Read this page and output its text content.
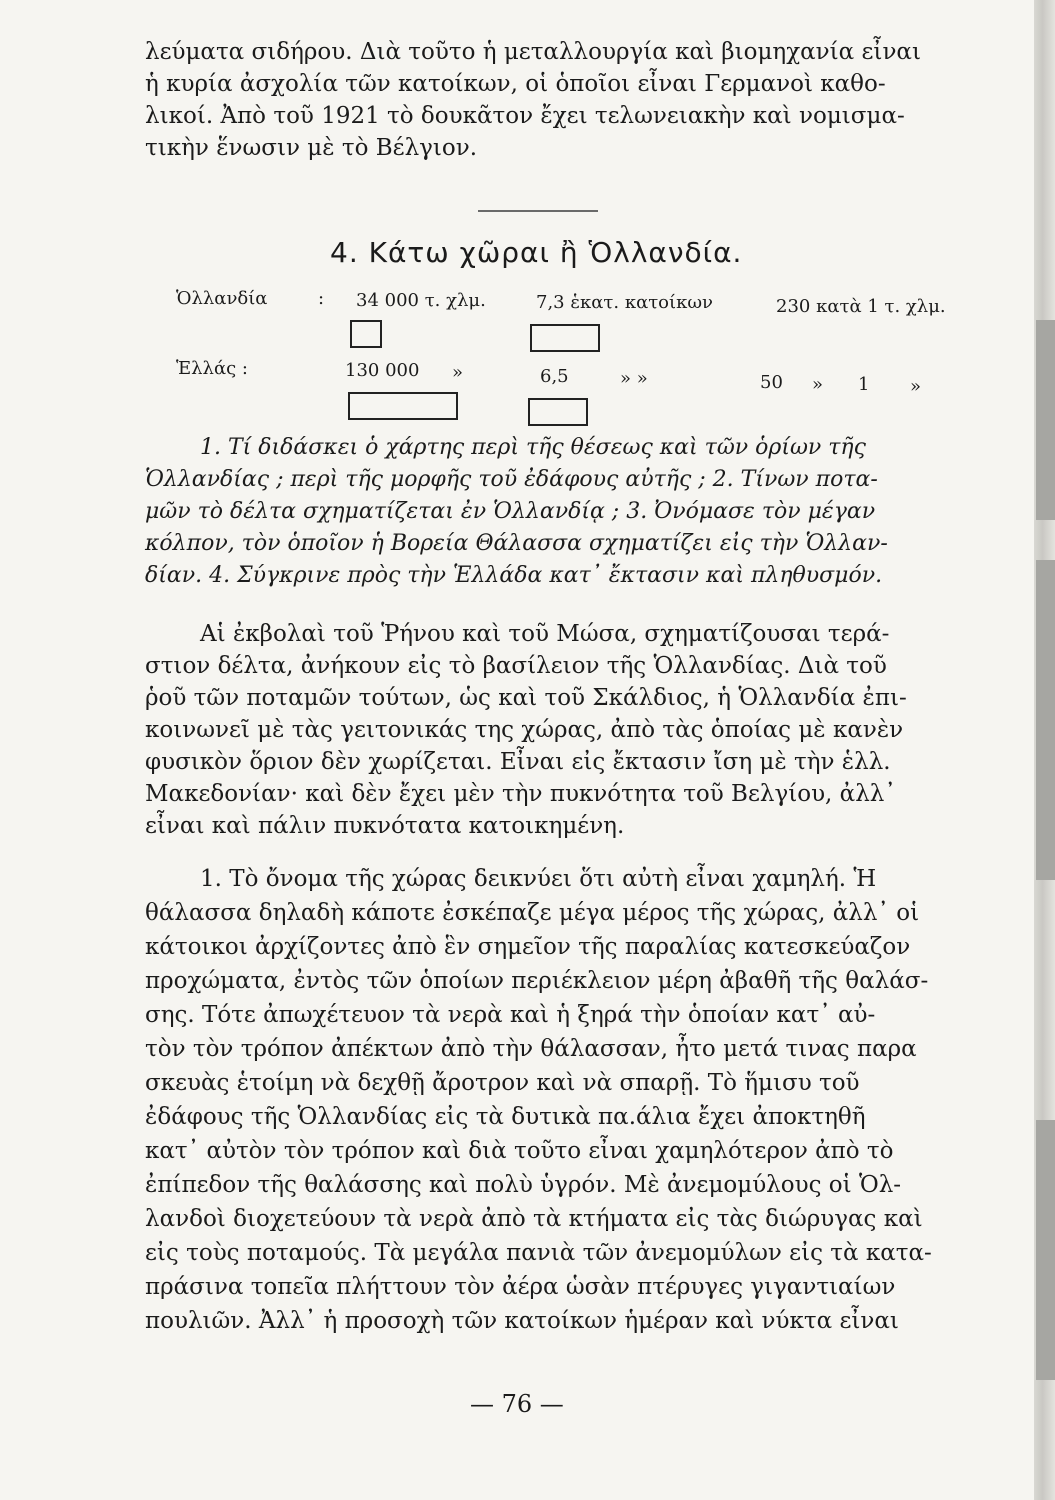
λεύματα σιδήρου. Διὰ τοῦτο ἡ μεταλλουργία καὶ βιομηχανία εἶναι
ἡ κυρία ἀσχολία τῶν κατοίκων, οἱ ὁποῖοι εἶναι Γερμανοὶ καθο-
λικοί. Ἀπὸ τοῦ 1921 τὸ δουκᾶτον ἔχει τελωνειακὴν καὶ νομισμα-
τικὴν ἕνωσιν μὲ τὸ Βέλγιον.
4. Κάτω χῶραι ἢ Ὁλλανδία.
Ὁλλανδία	: 34 000 τ. χλμ.	7,3 ἑκατ. κατοίκων	230 κατὰ 1 τ. χλμ.
Ἑλλάς :	130 000 »	6,5	» »	50 » 1 »
1. Τί διδάσκει ὁ χάρτης περὶ τῆς θέσεως καὶ τῶν ὁρίων τῆς
Ὁλλανδίας ; περὶ τῆς μορφῆς τοῦ ἐδάφους αὐτῆς ; 2. Τίνων ποτα-
μῶν τὸ δέλτα σχηματίζεται ἐν Ὁλλανδίᾳ ; 3. Ὀνόμασε τὸν μέγαν
κόλπον, τὸν ὁποῖον ἡ Βορεία Θάλασσα σχηματίζει εἰς τὴν Ὁλλαν-
δίαν. 4. Σύγκρινε πρὸς τὴν Ἑλλάδα κατ᾽ ἔκτασιν καὶ πληθυσμόν.
Αἱ ἐκβολαὶ τοῦ Ῥήνου καὶ τοῦ Μώσα, σχηματίζουσαι τερά-
στιον δέλτα, ἀνήκουν εἰς τὸ βασίλειον τῆς Ὁλλανδίας. Διὰ τοῦ
ῥοῦ τῶν ποταμῶν τούτων, ὡς καὶ τοῦ Σκάλδιος, ἡ Ὁλλανδία ἐπι-
κοινωνεῖ μὲ τὰς γειτονικάς της χώρας, ἀπὸ τὰς ὁποίας μὲ κανὲν
φυσικὸν ὅριον δὲν χωρίζεται. Εἶναι εἰς ἔκτασιν ἴση μὲ τὴν ἑλλ.
Μακεδονίαν· καὶ δὲν ἔχει μὲν τὴν πυκνότητα τοῦ Βελγίου, ἀλλ᾽
εἶναι καὶ πάλιν πυκνότατα κατοικημένη.
1. Τὸ ὄνομα τῆς χώρας δεικνύει ὅτι αὐτὴ εἶναι χαμηλή. Ἡ
θάλασσα δηλαδὴ κάποτε ἐσκέπαζε μέγα μέρος τῆς χώρας, ἀλλ᾽ οἱ
κάτοικοι ἀρχίζοντες ἀπὸ ἓν σημεῖον τῆς παραλίας κατεσκεύαζον
προχώματα, ἐντὸς τῶν ὁποίων περιέκλειον μέρη ἀβαθῆ τῆς θαλάσ-
σης. Τότε ἀπωχέτευον τὰ νερὰ καὶ ἡ ξηρά τὴν ὁποίαν κατ᾽ αὐ-
τὸν τὸν τρόπον ἀπέκτων ἀπὸ τὴν θάλασσαν, ἦτο μετά τινας παρα
σκευὰς ἑτοίμη νὰ δεχθῇ ἄροτρον καὶ νὰ σπαρῇ. Τὸ ἥμισυ τοῦ
ἐδάφους τῆς Ὁλλανδίας εἰς τὰ δυτικὰ πα.άλια ἔχει ἀποκτηθῆ
κατ᾽ αὐτὸν τὸν τρόπον καὶ διὰ τοῦτο εἶναι χαμηλότερον ἀπὸ τὸ
ἐπίπεδον τῆς θαλάσσης καὶ πολὺ ὑγρόν. Μὲ ἀνεμομύλους οἱ Ὁλ-
λανδοὶ διοχετεύουν τὰ νερὰ ἀπὸ τὰ κτήματα εἰς τὰς διώρυγας καὶ
εἰς τοὺς ποταμούς. Τὰ μεγάλα πανιὰ τῶν ἀνεμομύλων εἰς τὰ κατα-
πράσινα τοπεῖα πλήττουν τὸν ἀέρα ὡσὰν πτέρυγες γιγαντιαίων
πουλιῶν. Ἀλλ᾽ ἡ προσοχὴ τῶν κατοίκων ἡμέραν καὶ νύκτα εἶναι
— 76 —
